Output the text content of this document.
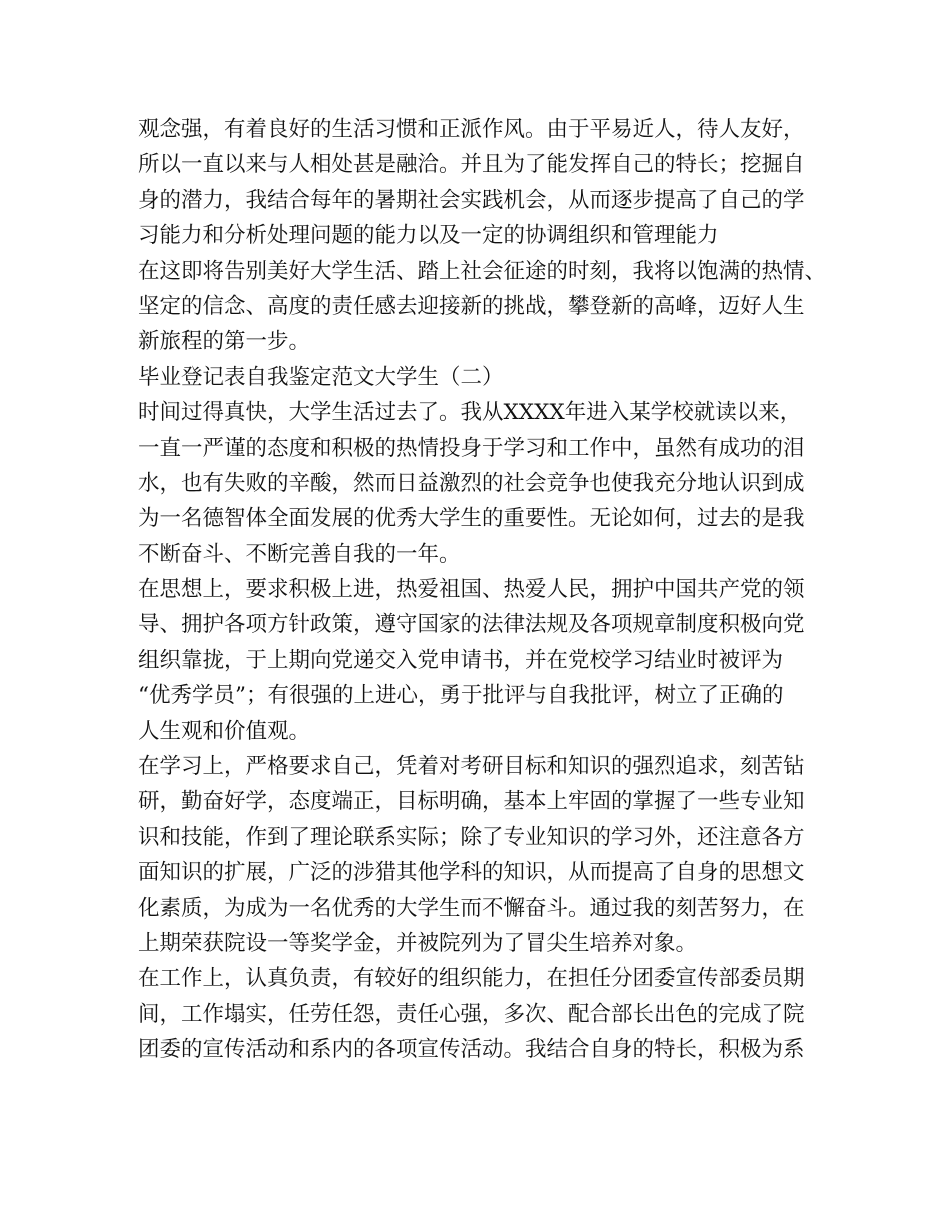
观念强，有着良好的生活习惯和正派作风。由于平易近人，待人友好，
所以一直以来与人相处甚是融洽。并且为了能发挥自己的特长；挖掘自
身的潜力，我结合每年的暑期社会实践机会，从而逐步提高了自己的学
习能力和分析处理问题的能力以及一定的协调组织和管理能力
在这即将告别美好大学生活、踏上社会征途的时刻，我将以饱满的热情、
坚定的信念、高度的责任感去迎接新的挑战，攀登新的高峰，迈好人生
新旅程的第一步。
毕业登记表自我鉴定范文大学生（二）
时间过得真快，大学生活过去了。我从XXXX年进入某学校就读以来，
一直一严谨的态度和积极的热情投身于学习和工作中，虽然有成功的泪
水，也有失败的辛酸，然而日益激烈的社会竞争也使我充分地认识到成
为一名德智体全面发展的优秀大学生的重要性。无论如何，过去的是我
不断奋斗、不断完善自我的一年。
在思想上，要求积极上进，热爱祖国、热爱人民，拥护中国共产党的领
导、拥护各项方针政策，遵守国家的法律法规及各项规章制度积极向党
组织靠拢，于上期向党递交入党申请书，并在党校学习结业时被评为
“优秀学员”；有很强的上进心，勇于批评与自我批评，树立了正确的
人生观和价值观。
在学习上，严格要求自己，凭着对考研目标和知识的强烈追求，刻苦钻
研，勤奋好学，态度端正，目标明确，基本上牢固的掌握了一些专业知
识和技能，作到了理论联系实际；除了专业知识的学习外，还注意各方
面知识的扩展，广泛的涉猎其他学科的知识，从而提高了自身的思想文
化素质，为成为一名优秀的大学生而不懈奋斗。通过我的刻苦努力，在
上期荣获院设一等奖学金，并被院列为了冒尖生培养对象。
在工作上，认真负责，有较好的组织能力，在担任分团委宣传部委员期
间，工作塌实，任劳任怨，责任心强，多次、配合部长出色的完成了院
团委的宣传活动和系内的各项宣传活动。我结合自身的特长，积极为系
